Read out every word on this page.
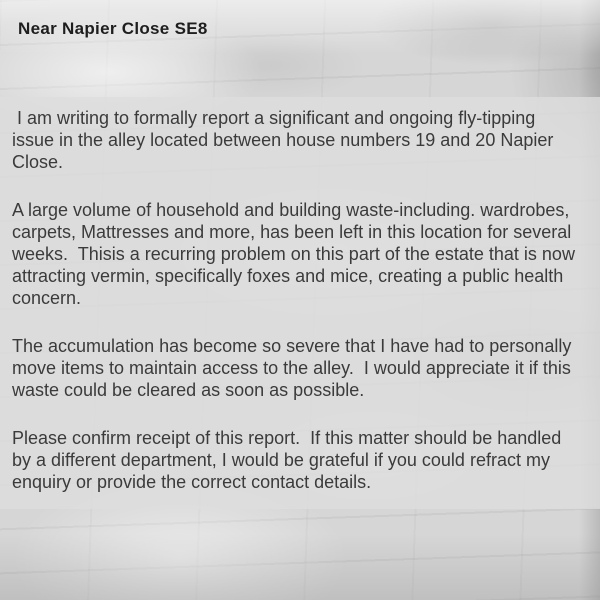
Near Napier Close SE8

I am writing to formally report a significant and ongoing fly-tipping issue in the alley located between house numbers 19 and 20 Napier Close.

A large volume of household and building waste-including. wardrobes, carpets, Mattresses and more, has been left in this location for several weeks.  Thisis a recurring problem on this part of the estate that is now attracting vermin, specifically foxes and mice, creating a public health concern.

The accumulation has become so severe that I have had to personally move items to maintain access to the alley.  I would appreciate it if this waste could be cleared as soon as possible.

Please confirm receipt of this report.  If this matter should be handled by a different department, I would be grateful if you could refract my enquiry or provide the correct contact details.
